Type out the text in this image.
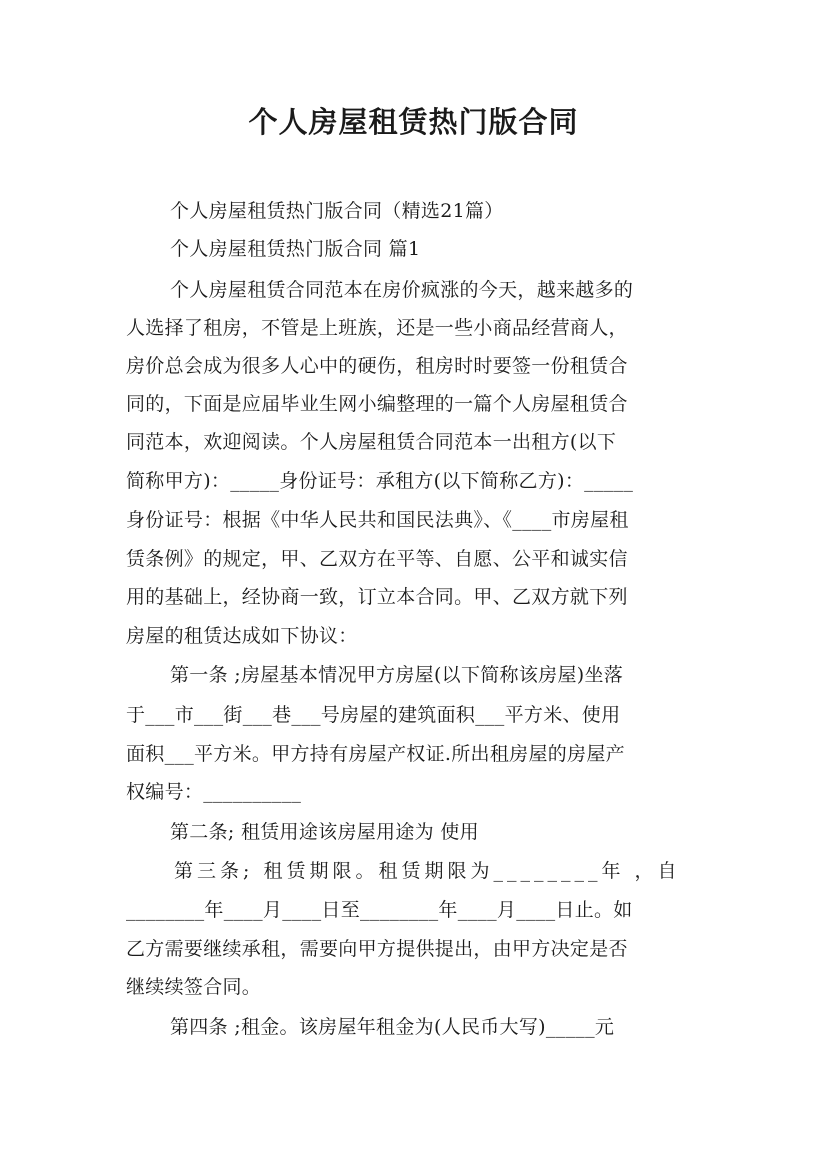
个人房屋租赁热门版合同
个人房屋租赁热门版合同（精选21篇）
个人房屋租赁热门版合同 篇1
个人房屋租赁合同范本在房价疯涨的今天，越来越多的
人选择了租房，不管是上班族，还是一些小商品经营商人，
房价总会成为很多人心中的硬伤，租房时时要签一份租赁合
同的，下面是应届毕业生网小编整理的一篇个人房屋租赁合
同范本，欢迎阅读。个人房屋租赁合同范本一出租方(以下
简称甲方)：_____身份证号：承租方(以下简称乙方)：_____
身份证号：根据《中华人民共和国民法典》、《____市房屋租
赁条例》的规定，甲、乙双方在平等、自愿、公平和诚实信
用的基础上，经协商一致，订立本合同。甲、乙双方就下列
房屋的租赁达成如下协议：
第一条 ;房屋基本情况甲方房屋(以下简称该房屋)坐落
于___市___街___巷___号房屋的建筑面积___平方米、使用
面积___平方米。甲方持有房屋产权证.所出租房屋的房屋产
权编号：__________
第二条; 租赁用途该房屋用途为 使用
第三条; 租赁期限。租赁期限为________年 ，自
________年____月____日至________年____月____日止。如
乙方需要继续承租，需要向甲方提供提出，由甲方决定是否
继续续签合同。
第四条 ;租金。该房屋年租金为(人民币大写)_____元
